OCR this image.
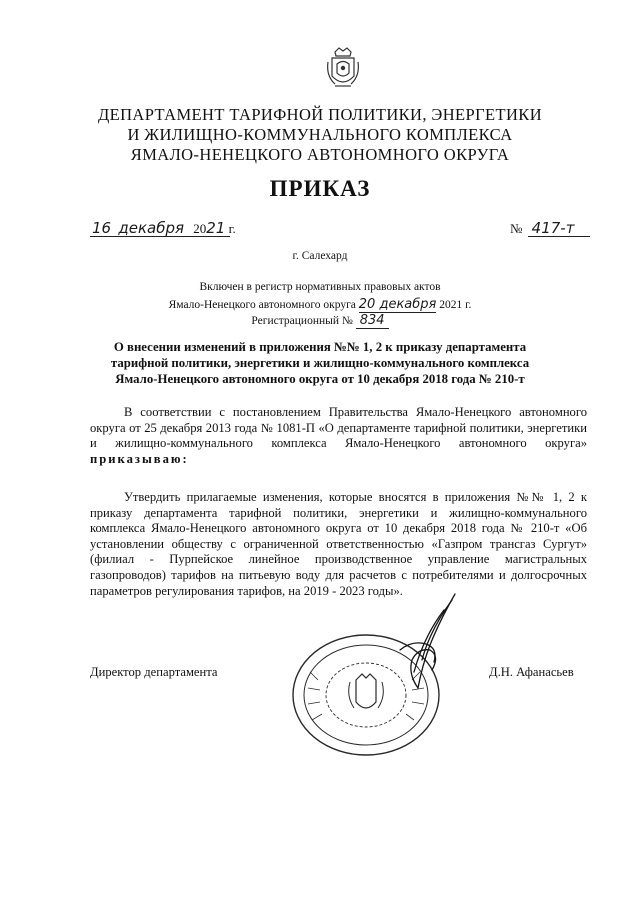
ДЕПАРТАМЕНТ ТАРИФНОЙ ПОЛИТИКИ, ЭНЕРГЕТИКИ
И ЖИЛИЩНО-КОММУНАЛЬНОГО КОМПЛЕКСА
ЯМАЛО-НЕНЕЦКОГО АВТОНОМНОГО ОКРУГА
ПРИКАЗ
16 декабря 2021 г.	№ 417-т
г. Салехард
Включен в регистр нормативных правовых актов
Ямало-Ненецкого автономного округа 20 декабря 2021 г.
Регистрационный № 834
О внесении изменений в приложения №№ 1, 2 к приказу департамента
тарифной политики, энергетики и жилищно-коммунального комплекса
Ямало-Ненецкого автономного округа от 10 декабря 2018 года № 210-т
В соответствии с постановлением Правительства Ямало-Ненецкого автономного округа от 25 декабря 2013 года № 1081-П «О департаменте тарифной политики, энергетики и жилищно-коммунального комплекса Ямало-Ненецкого автономного округа» приказываю:
Утвердить прилагаемые изменения, которые вносятся в приложения №№ 1, 2 к приказу департамента тарифной политики, энергетики и жилищно-коммунального комплекса Ямало-Ненецкого автономного округа от 10 декабря 2018 года № 210-т «Об установлении обществу с ограниченной ответственностью «Газпром трансгаз Сургут» (филиал - Пурпейское линейное производственное управление магистральных газопроводов) тарифов на питьевую воду для расчетов с потребителями и долгосрочных параметров регулирования тарифов, на 2019 - 2023 годы».
Директор департамента	Д.Н. Афанасьев
